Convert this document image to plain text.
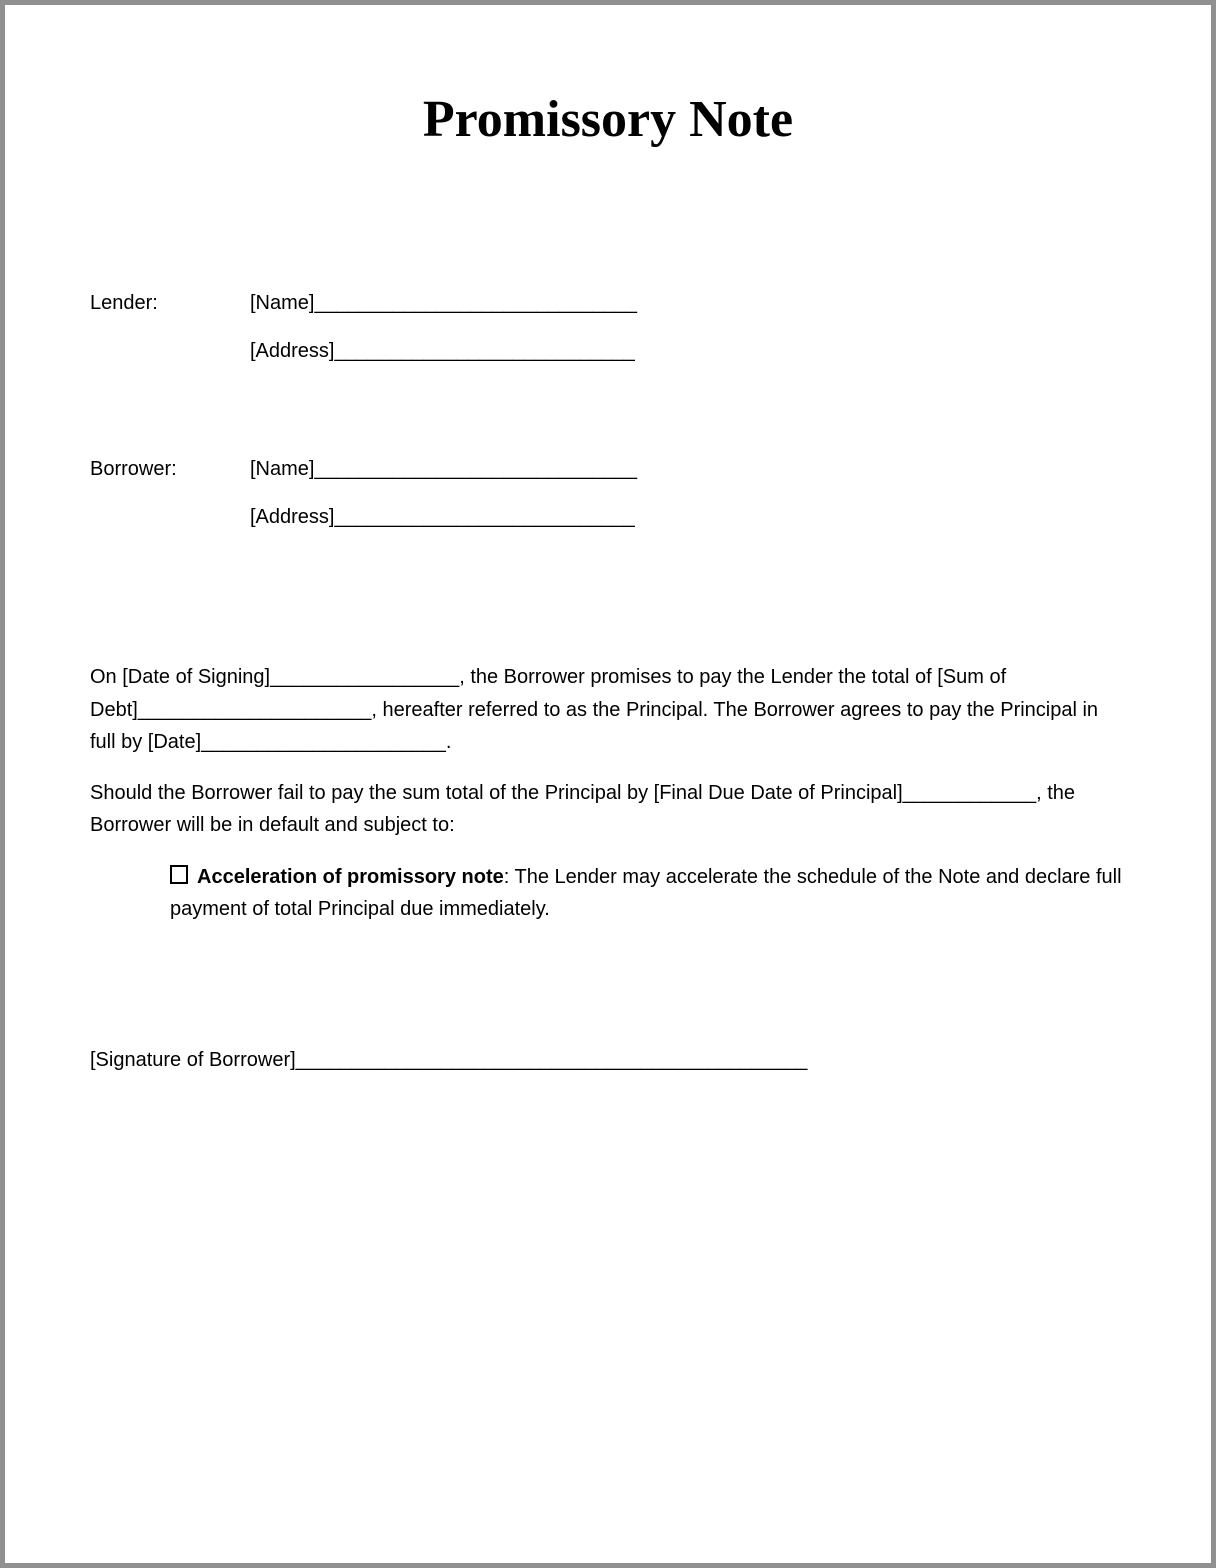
Promissory Note
Lender:	[Name]_____________________________
[Address]___________________________
Borrower:	[Name]_____________________________
[Address]___________________________

On [Date of Signing]_________________, the Borrower promises to pay the Lender the total of [Sum of Debt]_____________________, hereafter referred to as the Principal. The Borrower agrees to pay the Principal in full by [Date]______________________.

Should the Borrower fail to pay the sum total of the Principal by [Final Due Date of Principal]____________, the Borrower will be in default and subject to:

Acceleration of promissory note: The Lender may accelerate the schedule of the Note and declare full payment of total Principal due immediately.

[Signature of Borrower]______________________________________________
